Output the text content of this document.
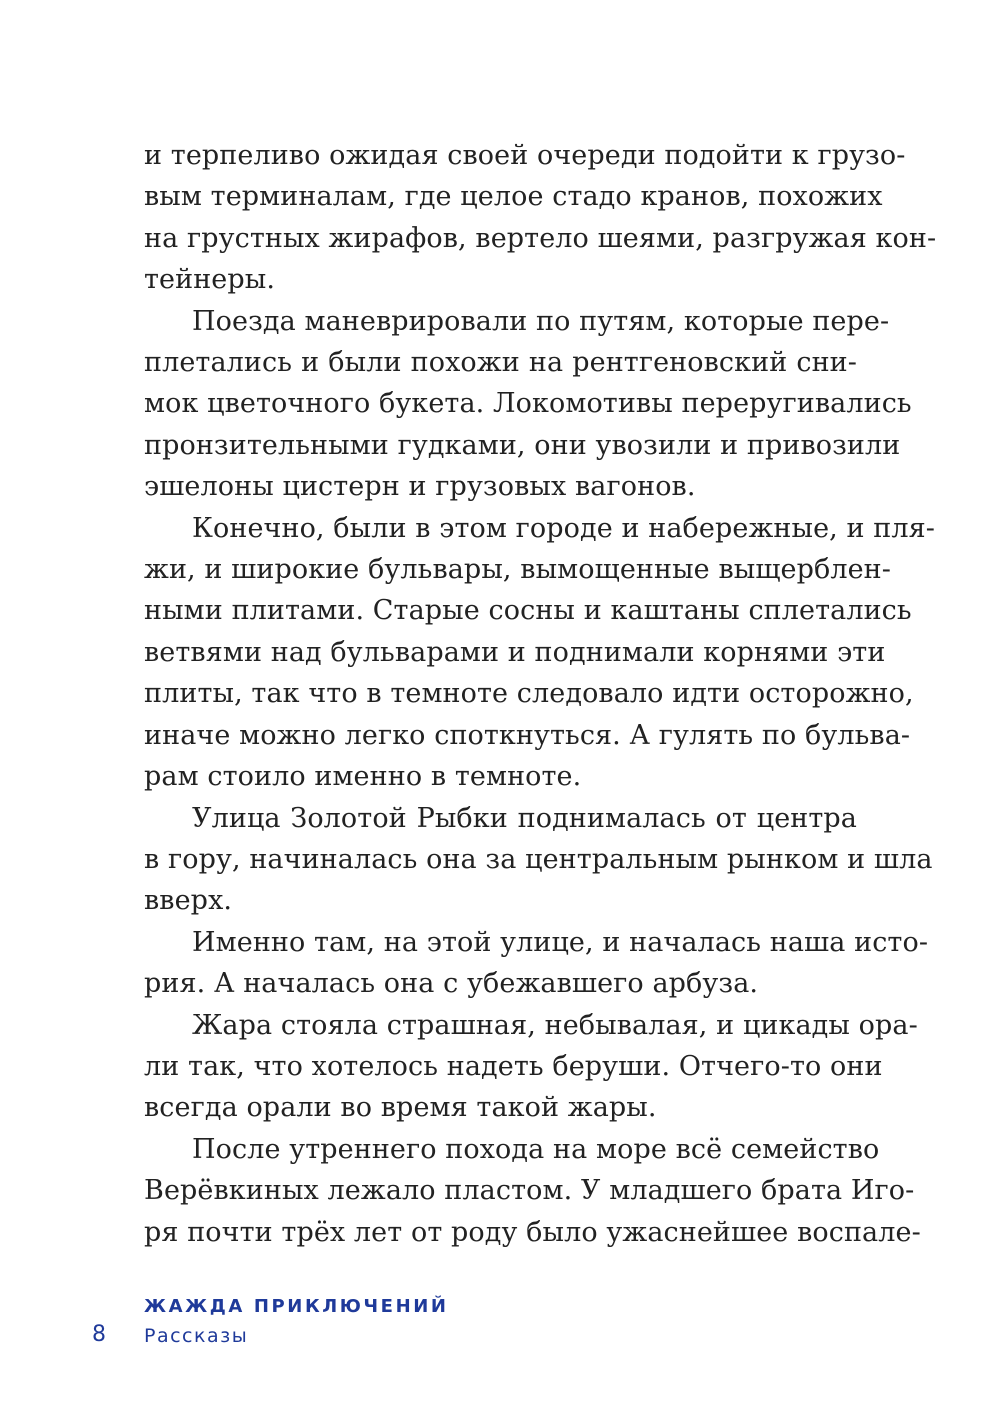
и терпеливо ожидая своей очереди подойти к грузо-
вым терминалам, где целое стадо кранов, похожих
на грустных жирафов, вертело шеями, разгружая кон-
тейнеры.
Поезда маневрировали по путям, которые пере-
плетались и были похожи на рентгеновский сни-
мок цветочного букета. Локомотивы переругивались
пронзительными гудками, они увозили и привозили
эшелоны цистерн и грузовых вагонов.
Конечно, были в этом городе и набережные, и пля-
жи, и широкие бульвары, вымощенные выщерблен-
ными плитами. Старые сосны и каштаны сплетались
ветвями над бульварами и поднимали корнями эти
плиты, так что в темноте следовало идти осторожно,
иначе можно легко споткнуться. А гулять по бульва-
рам стоило именно в темноте.
Улица Золотой Рыбки поднималась от центра
в гору, начиналась она за центральным рынком и шла
вверх.
Именно там, на этой улице, и началась наша исто-
рия. А началась она с убежавшего арбуза.
Жара стояла страшная, небывалая, и цикады ора-
ли так, что хотелось надеть беруши. Отчего-то они
всегда орали во время такой жары.
После утреннего похода на море всё семейство
Верёвкиных лежало пластом. У младшего брата Иго-
ря почти трёх лет от роду было ужаснейшее воспале-
ЖАЖДА ПРИКЛЮЧЕНИЙ
8 Рассказы
